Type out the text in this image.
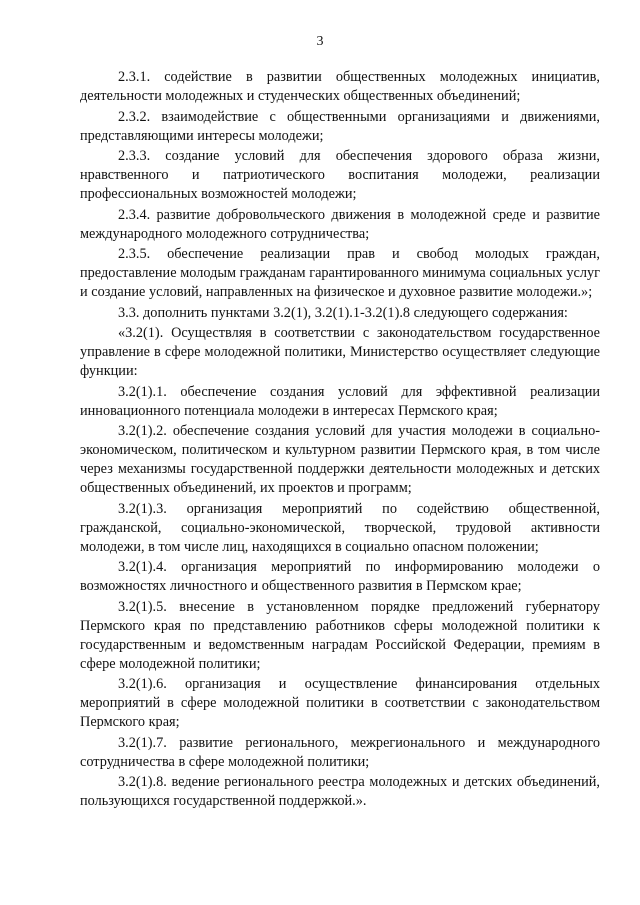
3

2.3.1. содействие в развитии общественных молодежных инициатив, деятельности молодежных и студенческих общественных объединений;

2.3.2. взаимодействие с общественными организациями и движениями, представляющими интересы молодежи;

2.3.3. создание условий для обеспечения здорового образа жизни, нравственного и патриотического воспитания молодежи, реализации профессиональных возможностей молодежи;

2.3.4. развитие добровольческого движения в молодежной среде и развитие международного молодежного сотрудничества;

2.3.5. обеспечение реализации прав и свобод молодых граждан, предоставление молодым гражданам гарантированного минимума социальных услуг и создание условий, направленных на физическое и духовное развитие молодежи.»;

3.3. дополнить пунктами 3.2(1), 3.2(1).1-3.2(1).8 следующего содержания:

«3.2(1). Осуществляя в соответствии с законодательством государственное управление в сфере молодежной политики, Министерство осуществляет следующие функции:

3.2(1).1. обеспечение создания условий для эффективной реализации инновационного потенциала молодежи в интересах Пермского края;

3.2(1).2. обеспечение создания условий для участия молодежи в социально-экономическом, политическом и культурном развитии Пермского края, в том числе через механизмы государственной поддержки деятельности молодежных и детских общественных объединений, их проектов и программ;

3.2(1).3. организация мероприятий по содействию общественной, гражданской, социально-экономической, творческой, трудовой активности молодежи, в том числе лиц, находящихся в социально опасном положении;

3.2(1).4. организация мероприятий по информированию молодежи о возможностях личностного и общественного развития в Пермском крае;

3.2(1).5. внесение в установленном порядке предложений губернатору Пермского края по представлению работников сферы молодежной политики к государственным и ведомственным наградам Российской Федерации, премиям в сфере молодежной политики;

3.2(1).6. организация и осуществление финансирования отдельных мероприятий в сфере молодежной политики в соответствии с законодательством Пермского края;

3.2(1).7. развитие регионального, межрегионального и международного сотрудничества в сфере молодежной политики;

3.2(1).8. ведение регионального реестра молодежных и детских объединений, пользующихся государственной поддержкой.».
